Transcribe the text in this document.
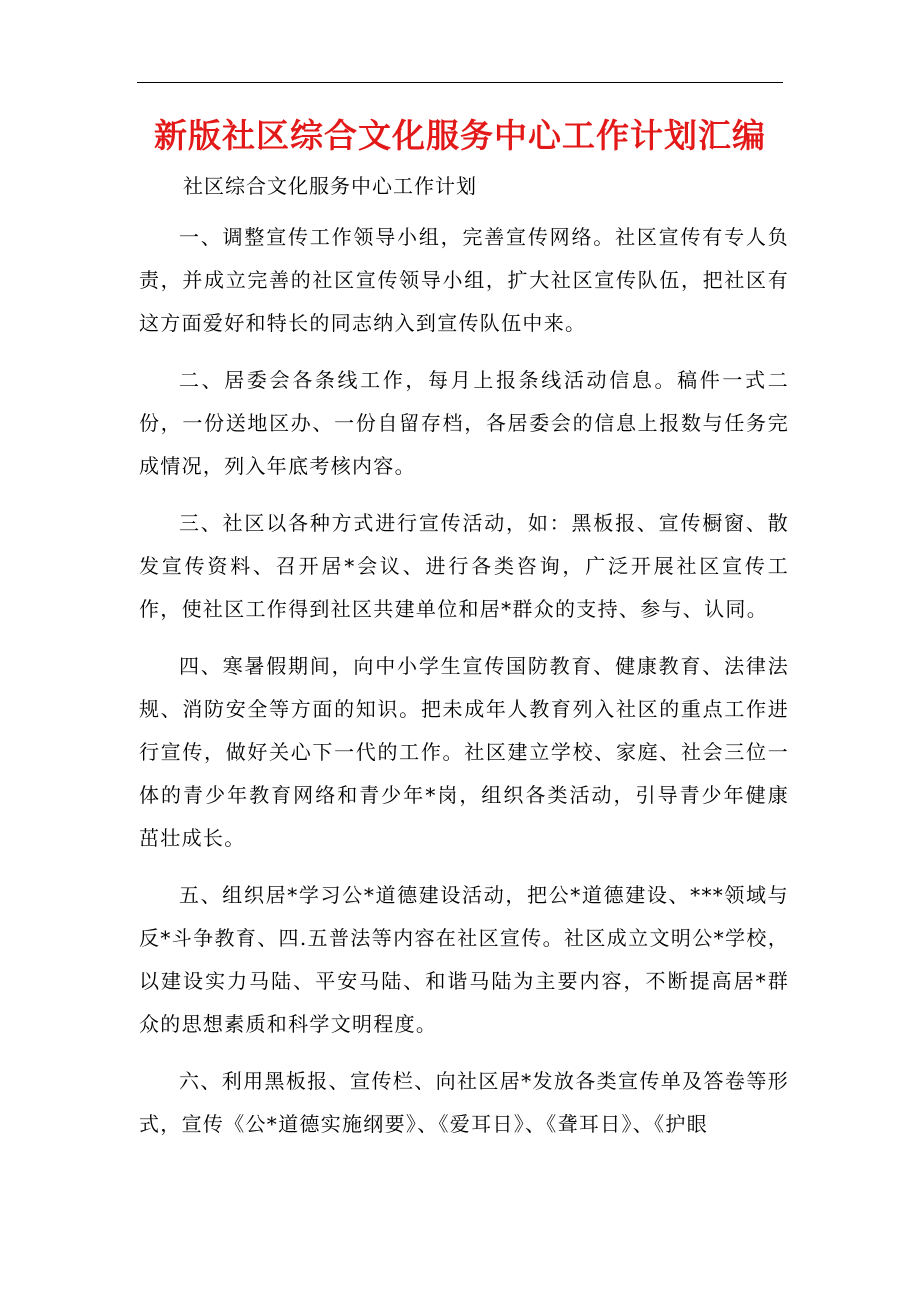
新版社区综合文化服务中心工作计划汇编

社区综合文化服务中心工作计划

一、调整宣传工作领导小组，完善宣传网络。社区宣传有专人负责，并成立完善的社区宣传领导小组，扩大社区宣传队伍，把社区有这方面爱好和特长的同志纳入到宣传队伍中来。

二、居委会各条线工作，每月上报条线活动信息。稿件一式二份，一份送地区办、一份自留存档，各居委会的信息上报数与任务完成情况，列入年底考核内容。

三、社区以各种方式进行宣传活动，如：黑板报、宣传橱窗、散发宣传资料、召开居*会议、进行各类咨询，广泛开展社区宣传工作，使社区工作得到社区共建单位和居*群众的支持、参与、认同。

四、寒暑假期间，向中小学生宣传国防教育、健康教育、法律法规、消防安全等方面的知识。把未成年人教育列入社区的重点工作进行宣传，做好关心下一代的工作。社区建立学校、家庭、社会三位一体的青少年教育网络和青少年*岗，组织各类活动，引导青少年健康茁壮成长。

五、组织居*学习公*道德建设活动，把公*道德建设、***领域与反*斗争教育、四.五普法等内容在社区宣传。社区成立文明公*学校，以建设实力马陆、平安马陆、和谐马陆为主要内容，不断提高居*群众的思想素质和科学文明程度。

六、利用黑板报、宣传栏、向社区居*发放各类宣传单及答卷等形式，宣传《公*道德实施纲要》、《爱耳日》、《聋耳日》、《护眼
